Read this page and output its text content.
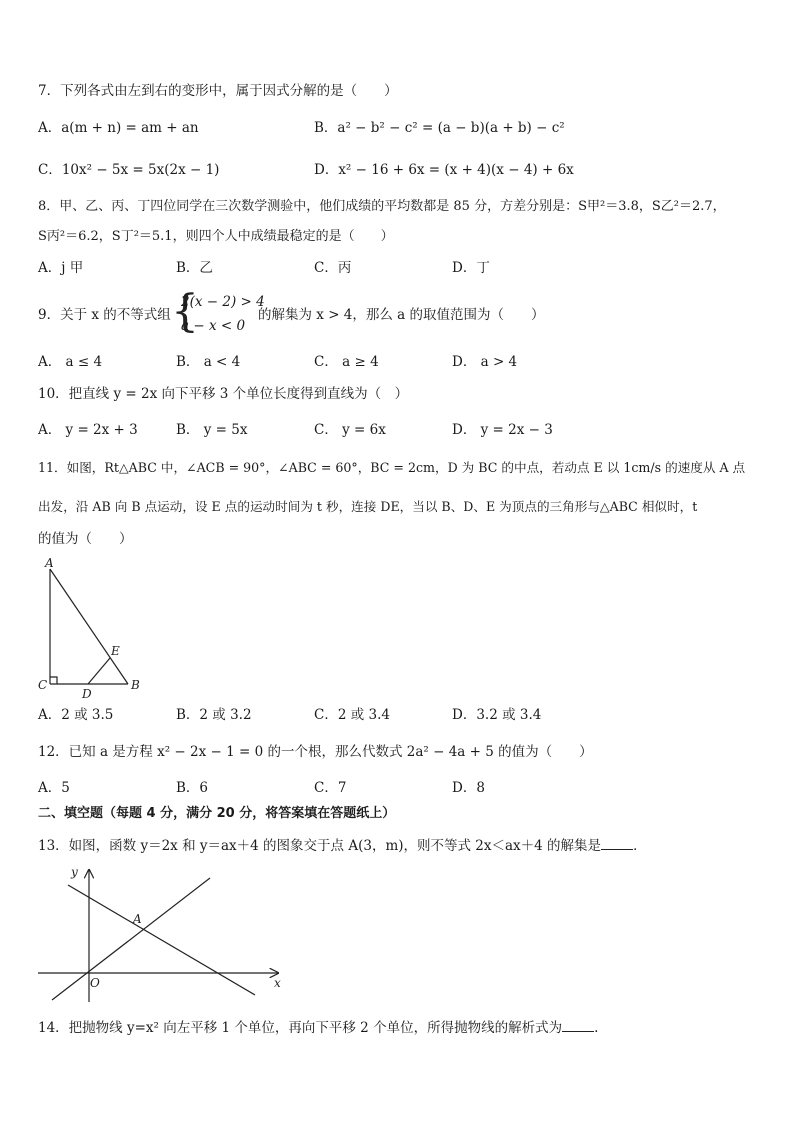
7．下列各式由左到右的变形中，属于因式分解的是（　　）
A．a(m + n) = am + an	B．a² − b² − c² = (a − b)(a + b) − c²
C．10x² − 5x = 5x(2x − 1)	D．x² − 16 + 6x = (x + 4)(x − 4) + 6x
8．甲、乙、丙、丁四位同学在三次数学测验中，他们成绩的平均数都是 85 分，方差分别是：S甲²＝3.8，S乙²＝2.7，
S丙²＝6.2，S丁²＝5.1，则四个人中成绩最稳定的是（　　）
A．j 甲	B．乙	C．丙	D．丁
9．关于 x 的不等式组 {
2(x − 2) > 4
a − x < 0
的解集为 x > 4，那么 a 的取值范围为（　　）
A． a ≤ 4	B． a < 4	C． a ≥ 4	D． a > 4
10．把直线 y = 2x 向下平移 3 个单位长度得到直线为（　）
A． y = 2x + 3	B． y = 5x	C． y = 6x	D． y = 2x − 3
11．如图，Rt△ABC 中，∠ACB = 90°，∠ABC = 60°，BC = 2cm，D 为 BC 的中点，若动点 E 以 1cm/s 的速度从 A 点
出发，沿 AB 向 B 点运动，设 E 点的运动时间为 t 秒，连接 DE，当以 B、D、E 为顶点的三角形与△ABC 相似时，t
的值为（　　）
A
C
D
E
B
A．2 或 3.5	B．2 或 3.2	C．2 或 3.4	D．3.2 或 3.4
12．已知 a 是方程 x² − 2x − 1 = 0 的一个根，那么代数式 2a² − 4a + 5 的值为（　　）
A．5	B．6	C．7	D．8
二、填空题（每题 4 分，满分 20 分，将答案填在答题纸上）
13．如图，函数 y＝2x 和 y＝ax＋4 的图象交于点 A(3，m)，则不等式 2x＜ax＋4 的解集是 ．
y
x
O
A
14．把抛物线 y=x² 向左平移 1 个单位，再向下平移 2 个单位，所得抛物线的解析式为 .
